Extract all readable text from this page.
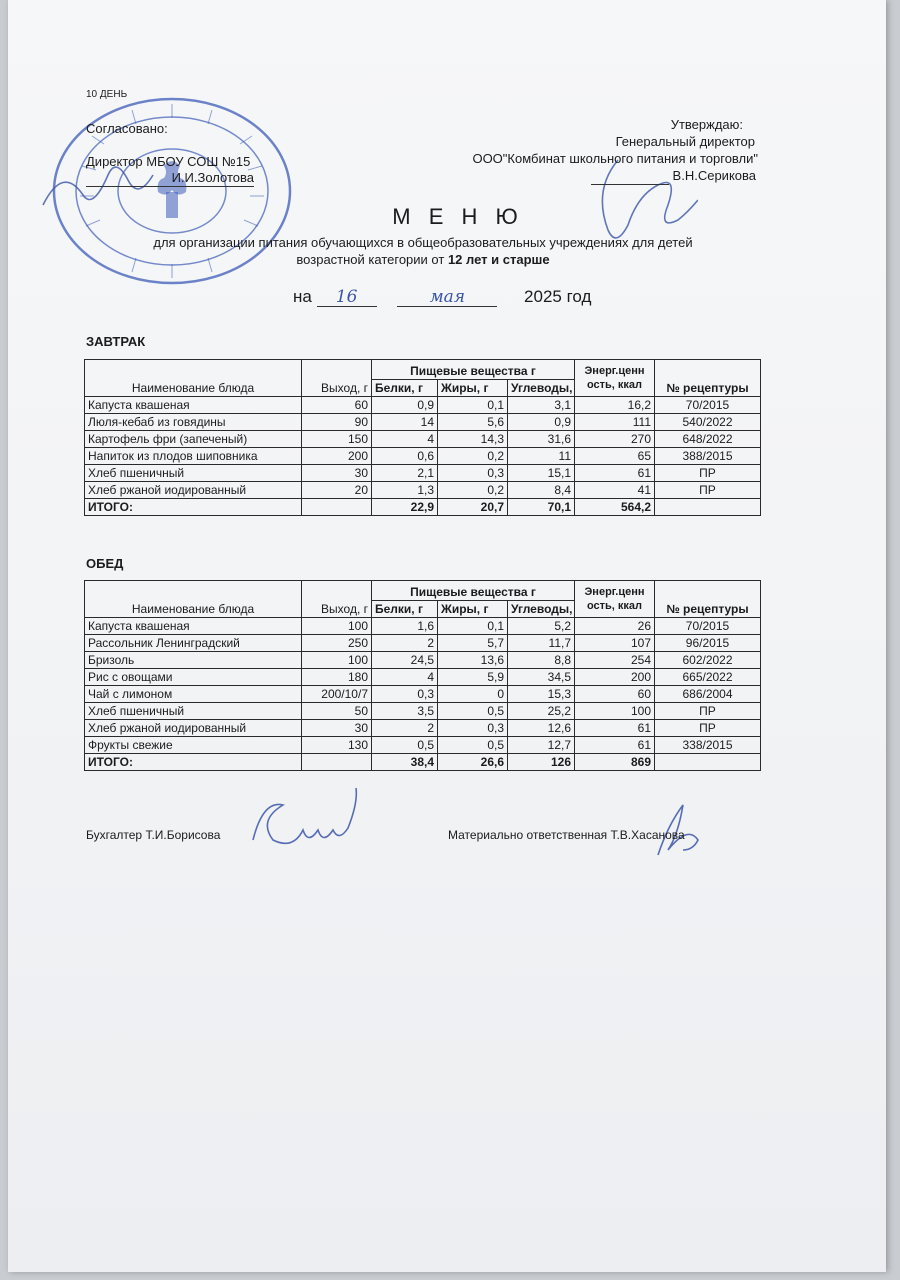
10 ДЕНЬ
Согласовано:
Директор МБОУ СОШ №15
И.И.Золотова
Утверждаю:
Генеральный директор
ООО"Комбинат школьного питания и торговли"
В.Н.Серикова
М Е Н Ю
для организации питания обучающихся в общеобразовательных учреждениях для детей
возрастной категории от 12 лет и старше
на 16	мая	2025 год
ЗАВТРАК
Наименование блюда	Выход, г	Пищевые вещества г			Энерг.ценн ость, ккал	№ рецептуры
		Белки, г	Жиры, г	Углеводы,		
Капуста квашеная	60	0,9	0,1	3,1	16,2	70/2015
Люля-кебаб из говядины	90	14	5,6	0,9	111	540/2022
Картофель фри (запеченый)	150	4	14,3	31,6	270	648/2022
Напиток из плодов шиповника	200	0,6	0,2	11	65	388/2015
Хлеб пшеничный	30	2,1	0,3	15,1	61	ПР
Хлеб ржаной иодированный	20	1,3	0,2	8,4	41	ПР
ИТОГО:		22,9	20,7	70,1	564,2	
ОБЕД
Наименование блюда	Выход, г	Пищевые вещества г			Энерг.ценн ость, ккал	№ рецептуры
		Белки, г	Жиры, г	Углеводы,		
Капуста квашеная	100	1,6	0,1	5,2	26	70/2015
Рассольник Ленинградский	250	2	5,7	11,7	107	96/2015
Бризоль	100	24,5	13,6	8,8	254	602/2022
Рис с овощами	180	4	5,9	34,5	200	665/2022
Чай с лимоном	200/10/7	0,3	0	15,3	60	686/2004
Хлеб пшеничный	50	3,5	0,5	25,2	100	ПР
Хлеб ржаной иодированный	30	2	0,3	12,6	61	ПР
Фрукты свежие	130	0,5	0,5	12,7	61	338/2015
ИТОГО:		38,4	26,6	126	869	
Бухгалтер Т.И.Борисова	Материально ответственная Т.В.Хасанова
